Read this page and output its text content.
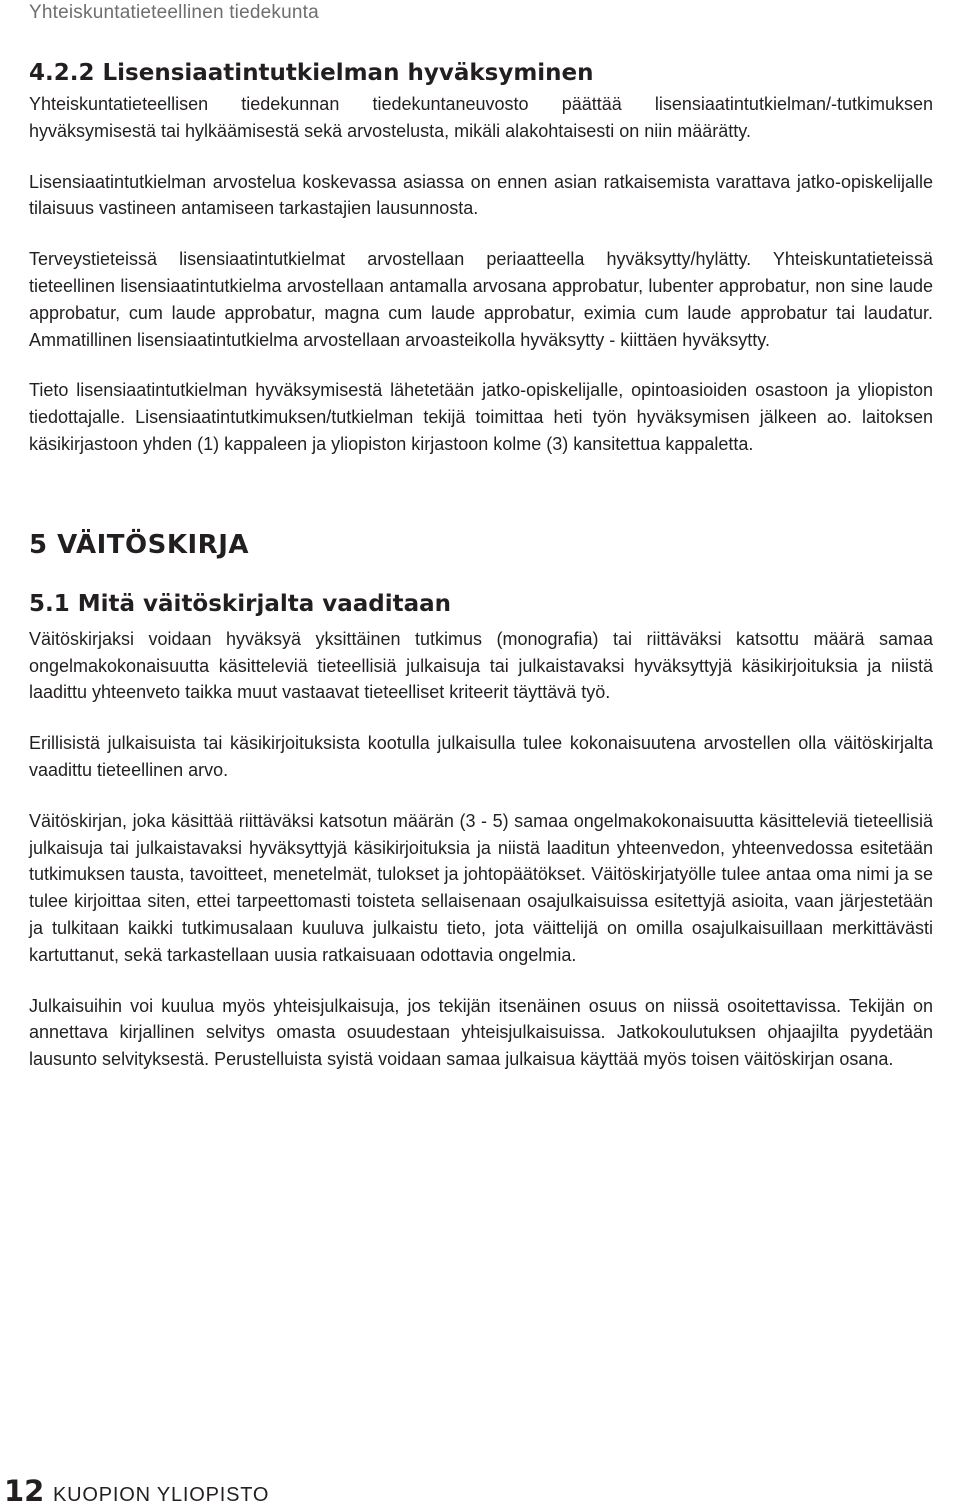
Yhteiskuntatieteellinen tiedekunta
4.2.2 Lisensiaatintutkielman hyväksyminen

Yhteiskuntatieteellisen tiedekunnan tiedekuntaneuvosto päättää lisensiaatintutkielman/-tutkimuksen hyväksymisestä tai hylkäämisestä sekä arvostelusta, mikäli alakohtaisesti on niin määrätty.

Lisensiaatintutkielman arvostelua koskevassa asiassa on ennen asian ratkaisemista varattava jatko-opiskelijalle tilaisuus vastineen antamiseen tarkastajien lausunnosta.

Terveystieteissä lisensiaatintutkielmat arvostellaan periaatteella hyväksytty/hylätty. Yhteiskuntatieteissä tieteellinen lisensiaatintutkielma arvostellaan antamalla arvosana approbatur, lubenter approbatur, non sine laude approbatur, cum laude approbatur, magna cum laude approbatur, eximia cum laude approbatur tai laudatur. Ammatillinen lisensiaatintutkielma arvostellaan arvoasteikolla hyväksytty - kiittäen hyväksytty.

Tieto lisensiaatintutkielman hyväksymisestä lähetetään jatko-opiskelijalle, opintoasioiden osastoon ja yliopiston tiedottajalle. Lisensiaatintutkimuksen/tutkielman tekijä toimittaa heti työn hyväksymisen jälkeen ao. laitoksen käsikirjastoon yhden (1) kappaleen ja yliopiston kirjastoon kolme (3) kansitettua kappaletta.

5 VÄITÖSKIRJA
5.1 Mitä väitöskirjalta vaaditaan

Väitöskirjaksi voidaan hyväksyä yksittäinen tutkimus (monografia) tai riittäväksi katsottu määrä samaa ongelmakokonaisuutta käsitteleviä tieteellisiä julkaisuja tai julkaistavaksi hyväksyttyjä käsikirjoituksia ja niistä laadittu yhteenveto taikka muut vastaavat tieteelliset kriteerit täyttävä työ.

Erillisistä julkaisuista tai käsikirjoituksista kootulla julkaisulla tulee kokonaisuutena arvostellen olla väitöskirjalta vaadittu tieteellinen arvo.

Väitöskirjan, joka käsittää riittäväksi katsotun määrän (3 - 5) samaa ongelmakokonaisuutta käsitteleviä tieteellisiä julkaisuja tai julkaistavaksi hyväksyttyjä käsikirjoituksia ja niistä laaditun yhteenvedon, yhteenvedossa esitetään tutkimuksen tausta, tavoitteet, menetelmät, tulokset ja johtopäätökset. Väitöskirjatyölle tulee antaa oma nimi ja se tulee kirjoittaa siten, ettei tarpeettomasti toisteta sellaisenaan osajulkaisuissa esitettyjä asioita, vaan järjestetään ja tulkitaan kaikki tutkimusalaan kuuluva julkaistu tieto, jota väittelijä on omilla osajulkaisuillaan merkittävästi kartuttanut, sekä tarkastellaan uusia ratkaisuaan odottavia ongelmia.

Julkaisuihin voi kuulua myös yhteisjulkaisuja, jos tekijän itsenäinen osuus on niissä osoitettavissa. Tekijän on annettava kirjallinen selvitys omasta osuudestaan yhteisjulkaisuissa. Jatkokoulutuksen ohjaajilta pyydetään lausunto selvityksestä. Perustelluista syistä voidaan samaa julkaisua käyttää myös toisen väitöskirjan osana.

12 KUOPION YLIOPISTO
